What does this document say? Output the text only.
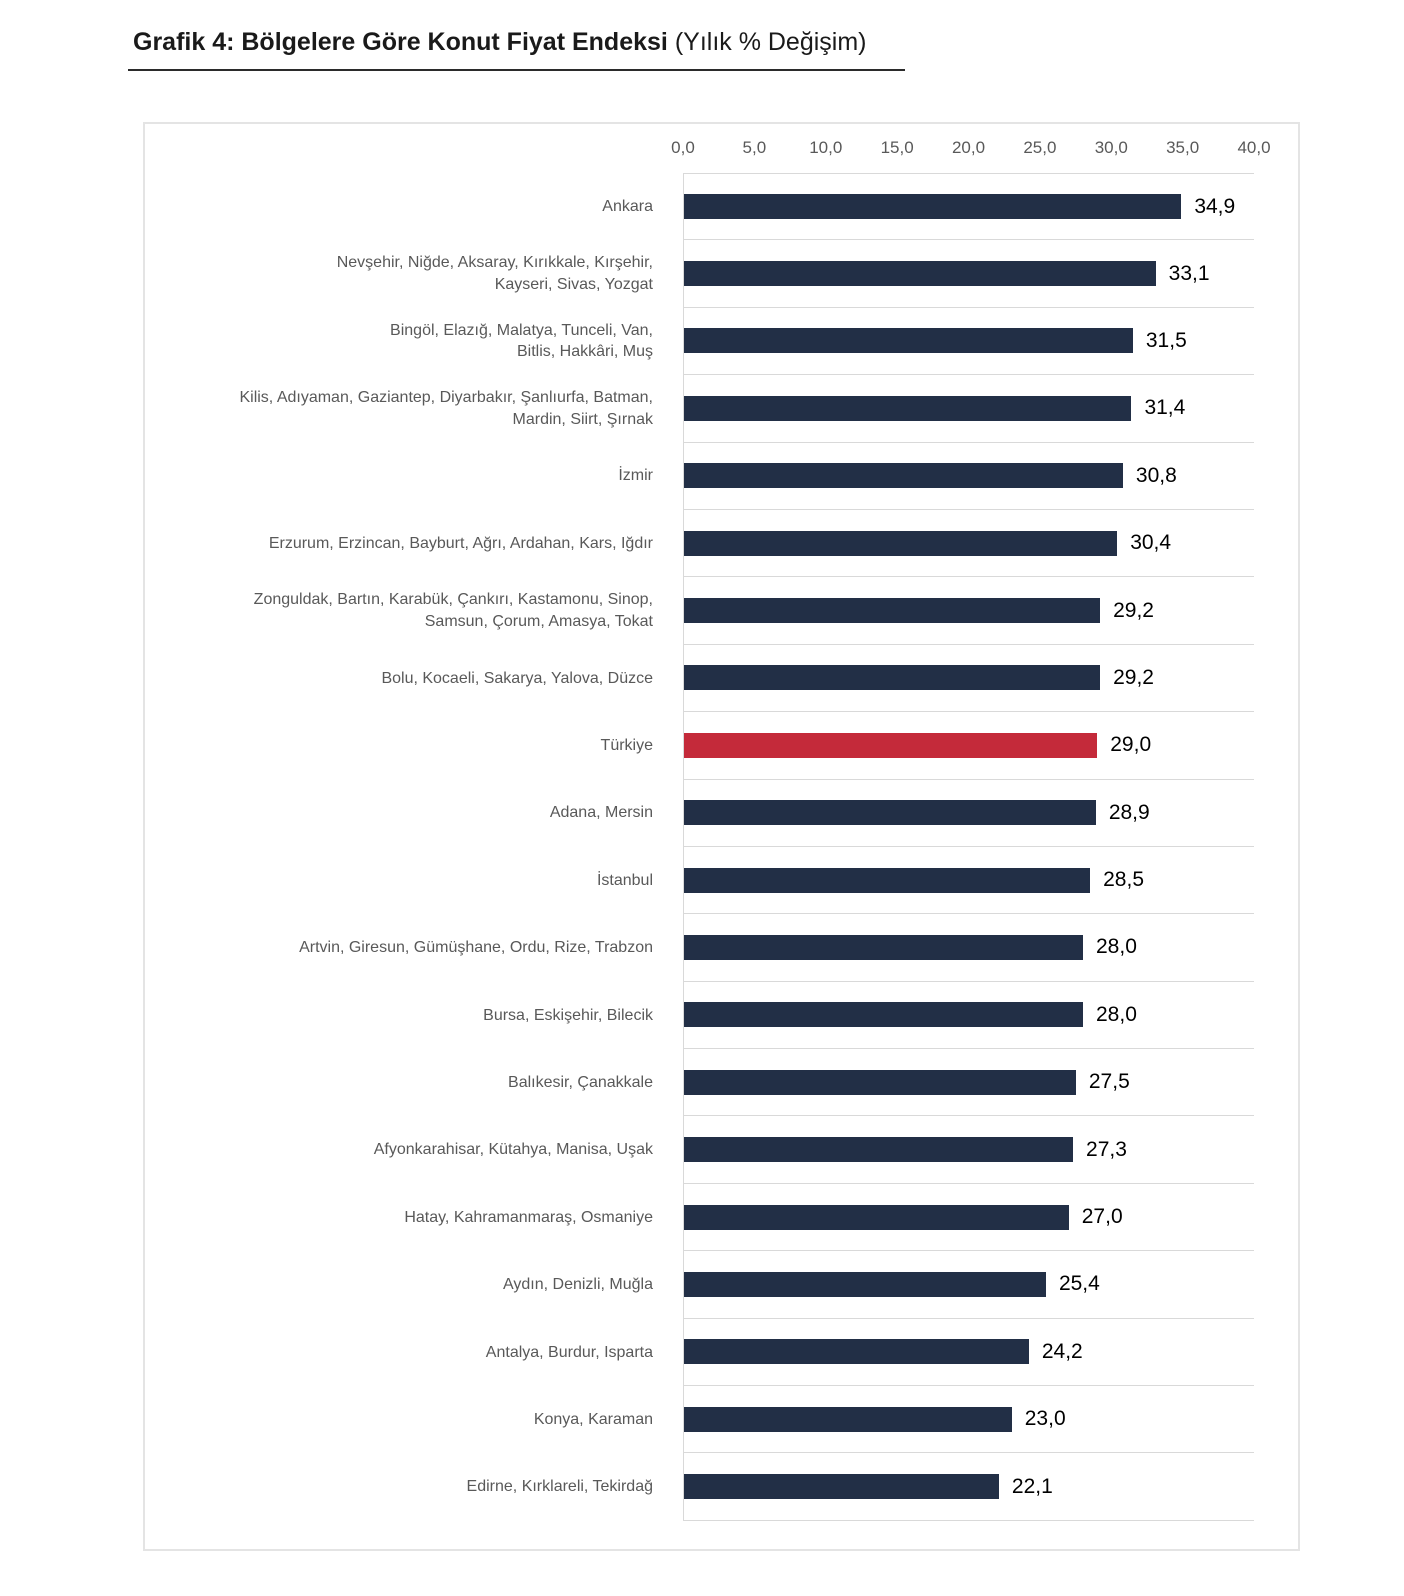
Grafik 4: Bölgelere Göre Konut Fiyat Endeksi (Yılık % Değişim)
0,0	5,0	10,0 15,0 20,0 25,0 30,0 35,0 40,0
Ankara	34,9
Nevşehir, Niğde, Aksaray, Kırıkkale, Kırşehir,
Kayseri, Sivas, Yozgat	33,1
Bingöl, Elazığ, Malatya, Tunceli, Van,
Bitlis, Hakkâri, Muş	31,5
Kilis, Adıyaman, Gaziantep, Diyarbakır, Şanlıurfa, Batman,
Mardin, Siirt, Şırnak	31,4
İzmir	30,8
Erzurum, Erzincan, Bayburt, Ağrı, Ardahan, Kars, Iğdır	30,4
Zonguldak, Bartın, Karabük, Çankırı, Kastamonu, Sinop,
Samsun, Çorum, Amasya, Tokat	29,2
Bolu, Kocaeli, Sakarya, Yalova, Düzce	29,2
Türkiye	29,0
Adana, Mersin	28,9
İstanbul	28,5
Artvin, Giresun, Gümüşhane, Ordu, Rize, Trabzon	28,0
Bursa, Eskişehir, Bilecik	28,0
Balıkesir, Çanakkale	27,5
Afyonkarahisar, Kütahya, Manisa, Uşak	27,3
Hatay, Kahramanmaraş, Osmaniye	27,0
Aydın, Denizli, Muğla	25,4
Antalya, Burdur, Isparta	24,2
Konya, Karaman	23,0
Edirne, Kırklareli, Tekirdağ	22,1
